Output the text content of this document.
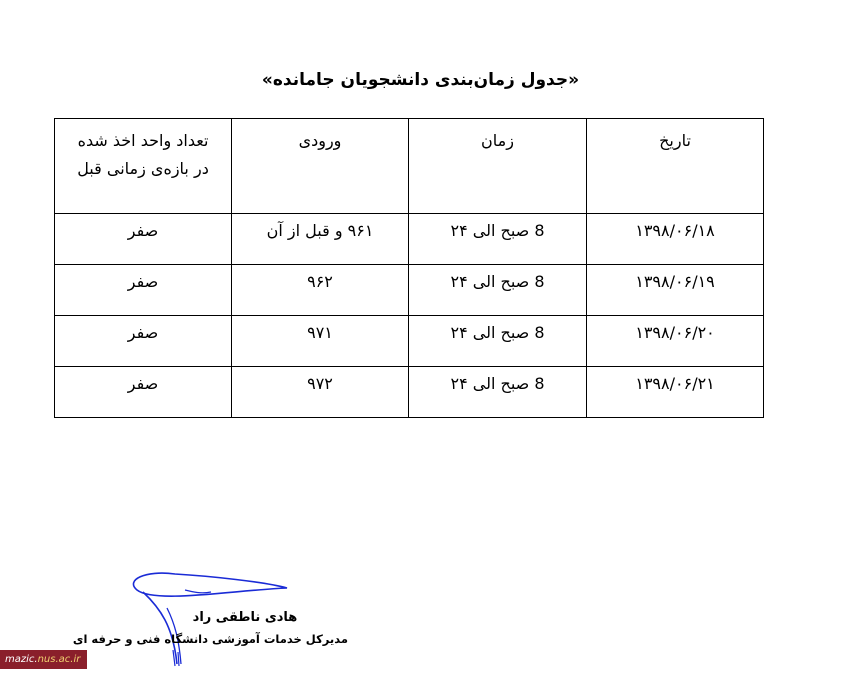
«جدول زمان‌بندی دانشجویان جامانده»
تاریخ	زمان	ورودی	تعداد واحد اخذ شده
در بازه‌ی زمانی قبل

۱۳۹۸/۰۶/۱۸	8 صبح الی ۲۴	۹۶۱ و قبل از آن	صفر
۱۳۹۸/۰۶/۱۹	8 صبح الی ۲۴	۹۶۲	صفر
۱۳۹۸/۰۶/۲۰	8 صبح الی ۲۴	۹۷۱	صفر
۱۳۹۸/۰۶/۲۱	8 صبح الی ۲۴	۹۷۲	صفر
هادی ناطقی راد
مدیرکل خدمات آموزشی دانشگاه فنی و حرفه ای
mazic.nus.ac.ir
